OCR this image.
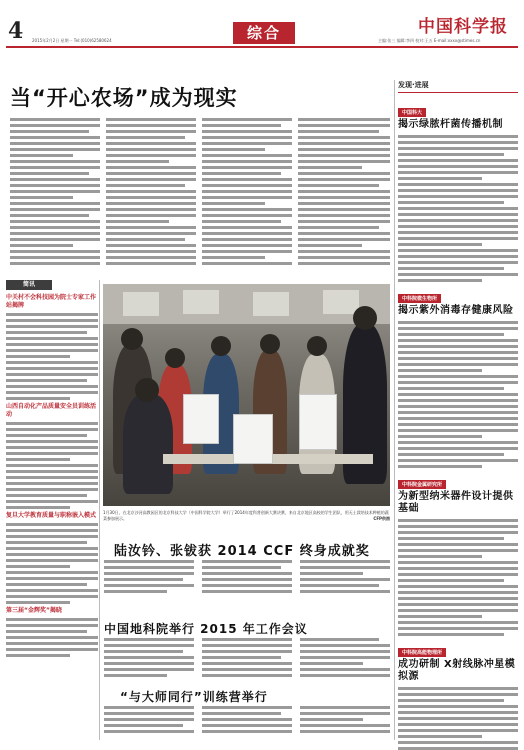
4 2015年2月2日 星期一 Tel:(010)62580624	综合	中国科学报
主编:张三 编辑:李四 校对:王五 E-mail:xxxx@stimes.cn
当“开心农场”成为现实
简讯
中关村不会科技园为院士专家工作站揭牌
山西自动化产品质量安全员训练活动
复旦大学教育质量与职称嵌入模式
第三届“金辉奖”揭晓
1月30日，在北京沙河高教园区的北京科技大学（中国科学院大学）举行了2014年度科普创新大赛决赛，来自北京地区高校的学生团队，用无土栽培技术种植的蔬菜参加展示。	CFP供图
陆汝钤、张钹获 2014 CCF 终身成就奖
中国地科院举行 2015 年工作会议
“与大师同行”训练营举行
发现·进展
中国科大
揭示绿脓杆菌传播机制
中科院微生物所
揭示紫外消毒存健康风险
中科院金属研究所
为新型纳米器件设计提供基础
中科院高能物理所
成功研制 X射线脉冲星模拟源
